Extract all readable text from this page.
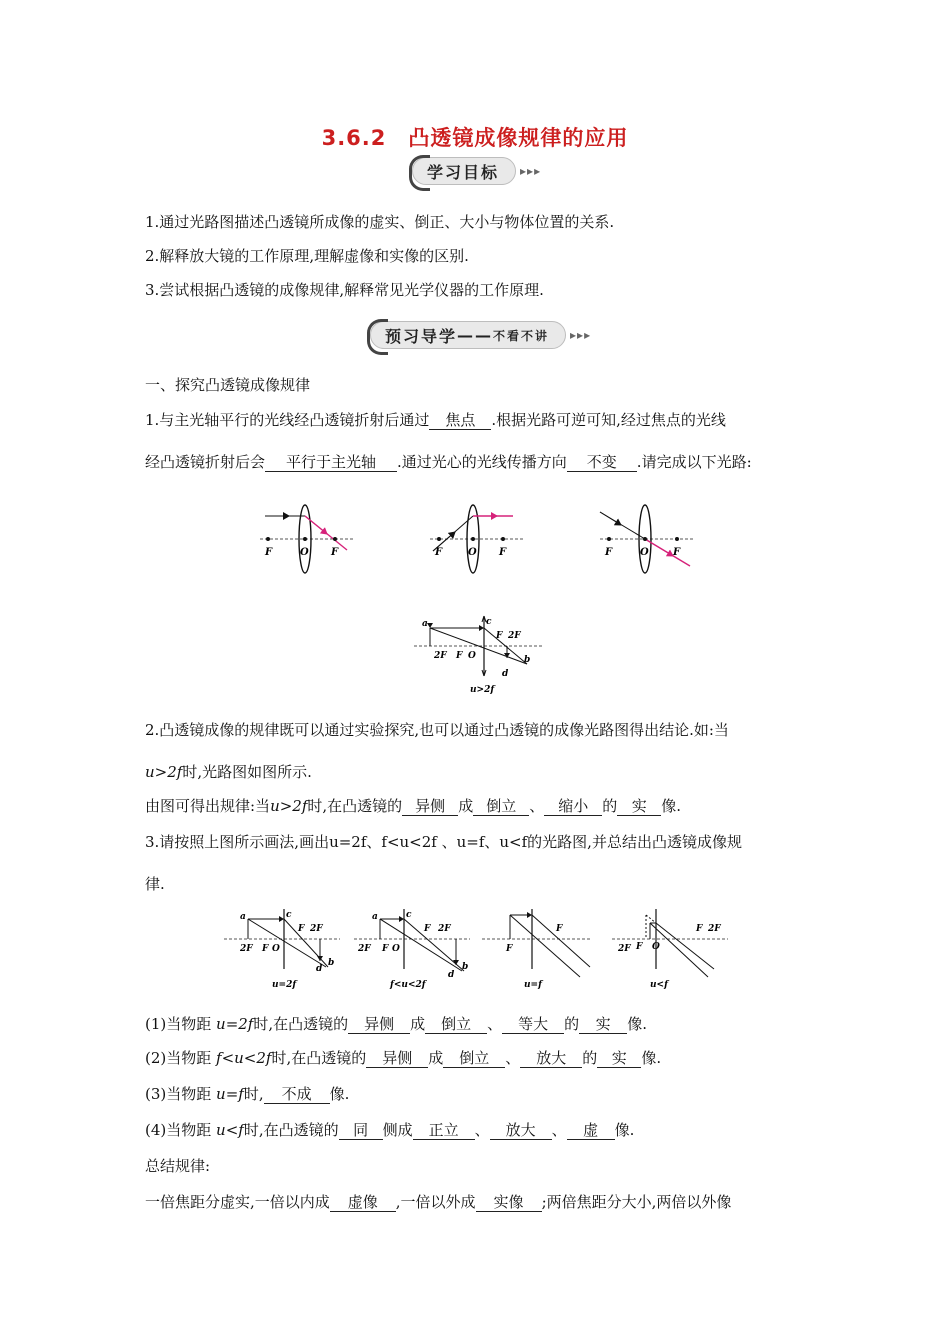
3.6.2　凸透镜成像规律的应用
学习目标	▸▸▸
1.通过光路图描述凸透镜所成像的虚实、倒正、大小与物体位置的关系.
2.解释放大镜的工作原理,理解虚像和实像的区别.
3.尝试根据凸透镜的成像规律,解释常见光学仪器的工作原理.
预习导学 —— 不看不讲 ▸▸▸
一、探究凸透镜成像规律
1.与主光轴平行的光线经凸透镜折射后通过 焦点 .根据光路可逆可知,经过焦点的光线
经凸透镜折射后会 平行于主光轴 .通过光心的光线传播方向 不变 .请完成以下光路:
F	O F	F	O F	F	O F
a	c
F 2F
2F F O	b
d
u>2f
2.凸透镜成像的规律既可以通过实验探究,也可以通过凸透镜的成像光路图得出结论.如:当
u>2f时,光路图如图所示.
由图可得出规律:当u>2f时,在凸透镜的 异侧 成 倒立 、 缩小 的 实 像.
3.请按照上图所示画法,画出u=2f、f<u<2f 、u=f、u<f的光路图,并总结出凸透镜成像规
律.
a	c
F 2F
2F F O
b
d
u=2f
a	c
F 2F
2F F O
b
d
f<u<2f
F
F
u=f
F 2F
2F F O
u<f
(1)当物距 u=2f时,在凸透镜的 异侧 成 倒立 、 等大 的 实 像.
(2)当物距 f<u<2f时,在凸透镜的 异侧 成 倒立 、 放大 的 实 像.
(3)当物距 u=f时, 不成 像.
(4)当物距 u<f时,在凸透镜的 同 侧成 正立 、 放大 、 虚 像.
总结规律:
一倍焦距分虚实,一倍以内成 虚像 ,一倍以外成 实像 ;两倍焦距分大小,两倍以外像
